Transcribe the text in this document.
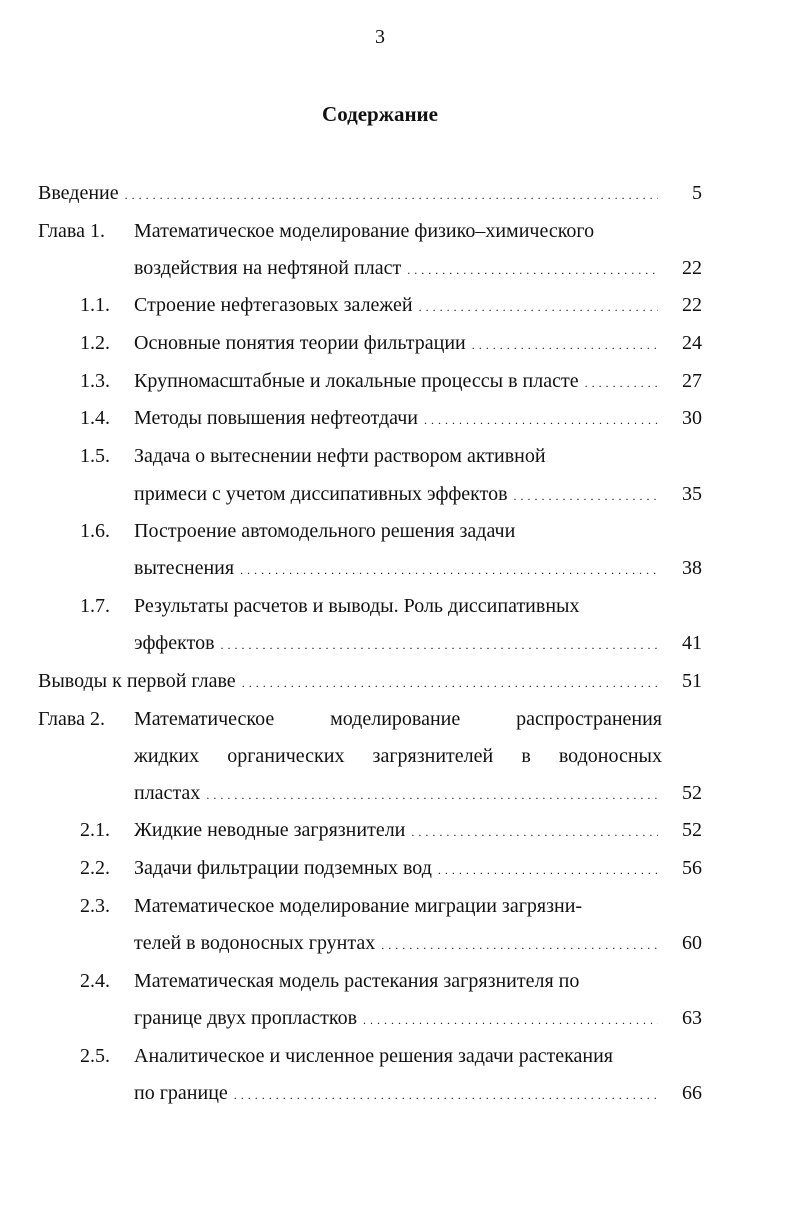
3
Содержание
Введение . . .	5
Глава 1. Математическое моделирование физико–химического
воздействия на нефтяной пласт . . .	22
1.1. Строение нефтегазовых залежей . . .	22
1.2. Основные понятия теории фильтрации . . .	24
1.3. Крупномасштабные и локальные процессы в пласте . . .	27
1.4. Методы повышения нефтеотдачи . . .	30
1.5. Задача о вытеснении нефти раствором активной
примеси с учетом диссипативных эффектов . . .	35
1.6. Построение автомодельного решения задачи
вытеснения . . .	38
1.7. Результаты расчетов и выводы. Роль диссипативных
эффектов . . .	41
Выводы к первой главе . . .	51
Глава 2. Математическое моделирование распространения
жидких органических загрязнителей в водоносных
пластах . . .	52
2.1. Жидкие неводные загрязнители . . .	52
2.2. Задачи фильтрации подземных вод . . .	56
2.3. Математическое моделирование миграции загрязни-
телей в водоносных грунтах . . .	60
2.4. Математическая модель растекания загрязнителя по
границе двух пропластков . . .	63
2.5. Аналитическое и численное решения задачи растекания
по границе . . .	66
